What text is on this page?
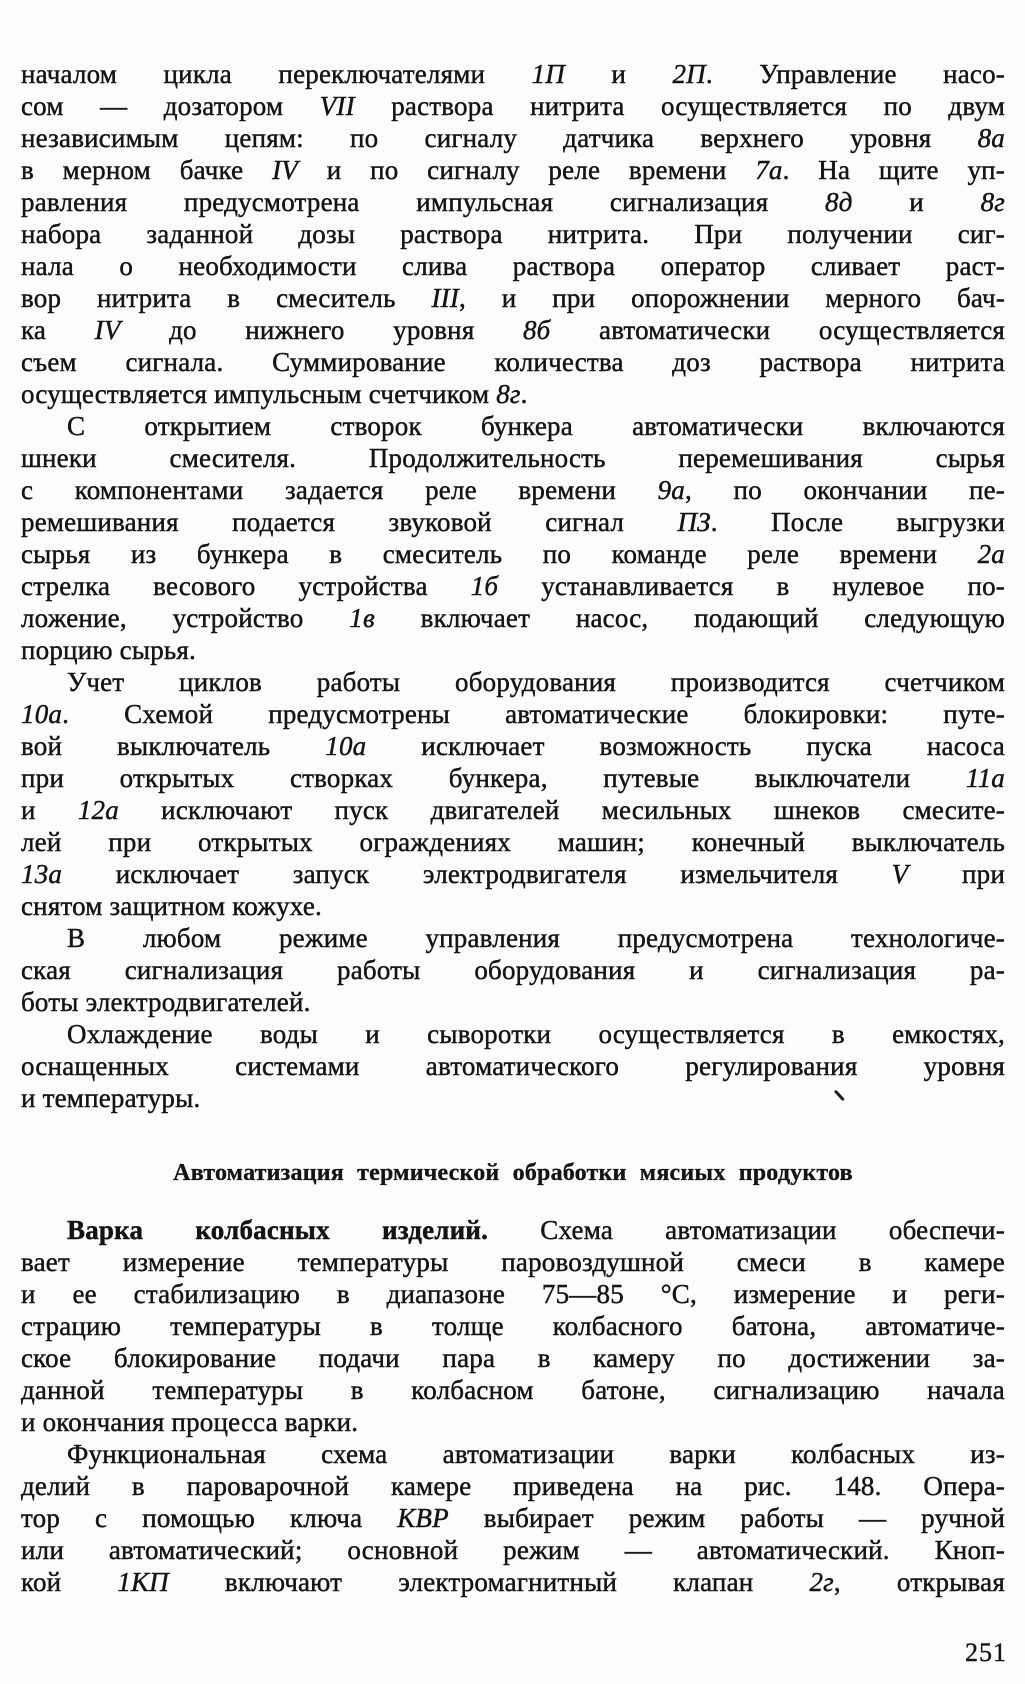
началом цикла переключателями 1П и 2П. Управление насо-
сом — дозатором VII раствора нитрита осуществляется по двум
независимым цепям: по сигналу датчика верхнего уровня 8а
в мерном бачке IV и по сигналу реле времени 7а. На щите уп-
равления предусмотрена импульсная сигнализация 8д и 8г
набора заданной дозы раствора нитрита. При получении сиг-
нала о необходимости слива раствора оператор сливает раст-
вор нитрита в смеситель III, и при опорожнении мерного бач-
ка IV до нижнего уровня 8б автоматически осуществляется
съем сигнала. Суммирование количества доз раствора нитрита
осуществляется импульсным счетчиком 8г.
С открытием створок бункера автоматически включаются
шнеки смесителя. Продолжительность перемешивания сырья
с компонентами задается реле времени 9а, по окончании пе-
ремешивания подается звуковой сигнал ПЗ. После выгрузки
сырья из бункера в смеситель по команде реле времени 2а
стрелка весового устройства 1б устанавливается в нулевое по-
ложение, устройство 1в включает насос, подающий следующую
порцию сырья.
Учет циклов работы оборудования производится счетчиком
10а. Схемой предусмотрены автоматические блокировки: путе-
вой выключатель 10а исключает возможность пуска насоса
при открытых створках бункера, путевые выключатели 11а
и 12а исключают пуск двигателей месильных шнеков смесите-
лей при открытых ограждениях машин; конечный выключатель
13а исключает запуск электродвигателя измельчителя V при
снятом защитном кожухе.
В любом режиме управления предусмотрена технологиче-
ская сигнализация работы оборудования и сигнализация ра-
боты электродвигателей.
Охлаждение воды и сыворотки осуществляется в емкостях,
оснащенных системами автоматического регулирования уровня
и температуры.
Автоматизация термической обработки мясиых продуктов
Варка колбасных изделий. Схема автоматизации обеспечи-
вает измерение температуры паровоздушной смеси в камере
и ее стабилизацию в диапазоне 75—85 °С, измерение и реги-
страцию температуры в толще колбасного батона, автоматиче-
ское блокирование подачи пара в камеру по достижении за-
данной температуры в колбасном батоне, сигнализацию начала
и окончания процесса варки.
Функциональная схема автоматизации варки колбасных из-
делий в пароварочной камере приведена на рис. 148. Опера-
тор с помощью ключа КВР выбирает режим работы — ручной
или автоматический; основной режим — автоматический. Кноп-
кой 1КП включают электромагнитный клапан 2г, открывая
251
